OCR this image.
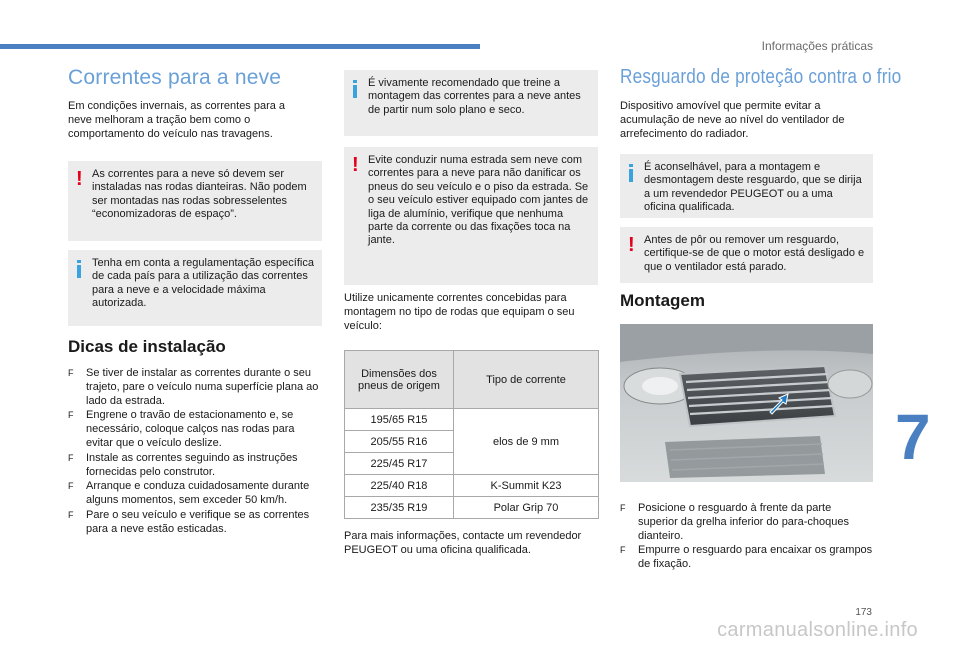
Informações práticas
Correntes para a neve
Em condições invernais, as correntes para a neve melhoram a tração bem como o comportamento do veículo nas travagens.
! As correntes para a neve só devem ser instaladas nas rodas dianteiras. Não podem ser montadas nas rodas sobresselentes “economizadoras de espaço”.
Tenha em conta a regulamentação específica de cada país para a utilização das correntes para a neve e a velocidade máxima autorizada.
Dicas de instalação
F Se tiver de instalar as correntes durante o seu trajeto, pare o veículo numa superfície plana ao lado da estrada.
F Engrene o travão de estacionamento e, se necessário, coloque calços nas rodas para evitar que o veículo deslize.
F Instale as correntes seguindo as instruções fornecidas pelo construtor.
F Arranque e conduza cuidadosamente durante alguns momentos, sem exceder 50 km/h.
F Pare o seu veículo e verifique se as correntes para a neve estão esticadas.
É vivamente recomendado que treine a montagem das correntes para a neve antes de partir num solo plano e seco.
! Evite conduzir numa estrada sem neve com correntes para a neve para não danificar os pneus do seu veículo e o piso da estrada. Se o seu veículo estiver equipado com jantes de liga de alumínio, verifique que nenhuma parte da corrente ou das fixações toca na jante.
Utilize unicamente correntes concebidas para montagem no tipo de rodas que equipam o seu veículo:
Dimensões dos pneus de origem	Tipo de corrente
195/65 R15	elos de 9 mm
205/55 R16	
225/45 R17	
225/40 R18	K-Summit K23
235/35 R19	Polar Grip 70
Para mais informações, contacte um revendedor PEUGEOT ou uma oficina qualificada.
Resguardo de proteção contra o frio
Dispositivo amovível que permite evitar a acumulação de neve ao nível do ventilador de arrefecimento do radiador.
É aconselhável, para a montagem e desmontagem deste resguardo, que se dirija a um revendedor PEUGEOT ou a uma oficina qualificada.
! Antes de pôr ou remover um resguardo, certifique-se de que o motor está desligado e que o ventilador está parado.
Montagem
F Posicione o resguardo à frente da parte superior da grelha inferior do para-choques dianteiro.
F Empurre o resguardo para encaixar os grampos de fixação.
7
173
carmanualsonline.info
